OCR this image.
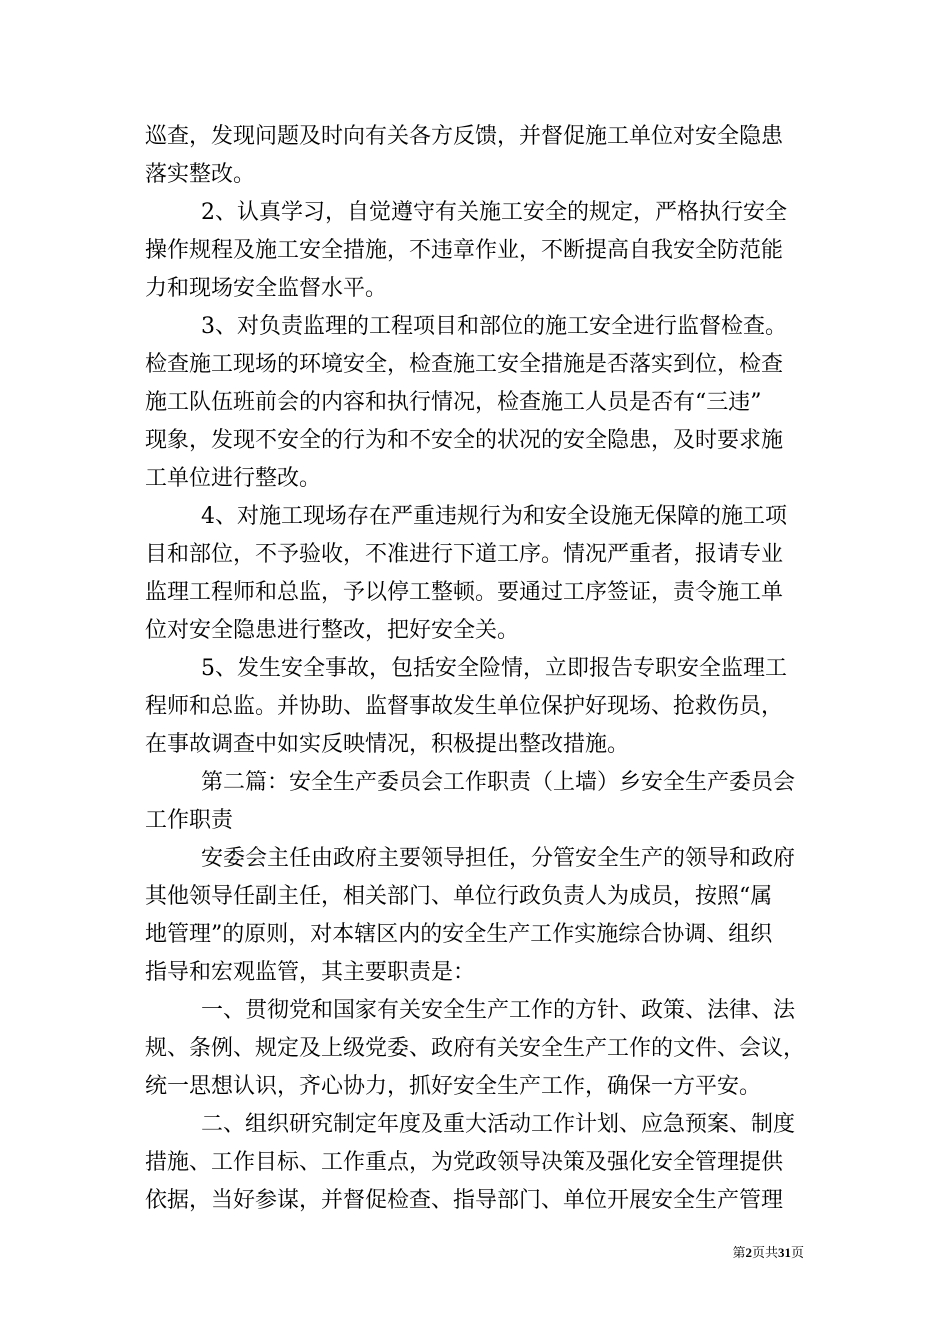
巡查，发现问题及时向有关各方反馈，并督促施工单位对安全隐患

落实整改。

2、认真学习，自觉遵守有关施工安全的规定，严格执行安全

操作规程及施工安全措施，不违章作业，不断提高自我安全防范能

力和现场安全监督水平。

3、对负责监理的工程项目和部位的施工安全进行监督检查。

检查施工现场的环境安全，检查施工安全措施是否落实到位，检查

施工队伍班前会的内容和执行情况，检查施工人员是否有“三违”

现象，发现不安全的行为和不安全的状况的安全隐患，及时要求施

工单位进行整改。

4、对施工现场存在严重违规行为和安全设施无保障的施工项

目和部位，不予验收，不准进行下道工序。情况严重者，报请专业

监理工程师和总监，予以停工整顿。要通过工序签证，责令施工单

位对安全隐患进行整改，把好安全关。

5、发生安全事故，包括安全险情，立即报告专职安全监理工

程师和总监。并协助、监督事故发生单位保护好现场、抢救伤员，

在事故调查中如实反映情况，积极提出整改措施。

第二篇：安全生产委员会工作职责（上墙）乡安全生产委员会

工作职责

安委会主任由政府主要领导担任，分管安全生产的领导和政府

其他领导任副主任，相关部门、单位行政负责人为成员，按照“属

地管理”的原则，对本辖区内的安全生产工作实施综合协调、组织

指导和宏观监管，其主要职责是：

一、贯彻党和国家有关安全生产工作的方针、政策、法律、法

规、条例、规定及上级党委、政府有关安全生产工作的文件、会议，

统一思想认识，齐心协力，抓好安全生产工作，确保一方平安。

二、组织研究制定年度及重大活动工作计划、应急预案、制度

措施、工作目标、工作重点，为党政领导决策及强化安全管理提供

依据，当好参谋，并督促检查、指导部门、单位开展安全生产管理

第2页共31页
